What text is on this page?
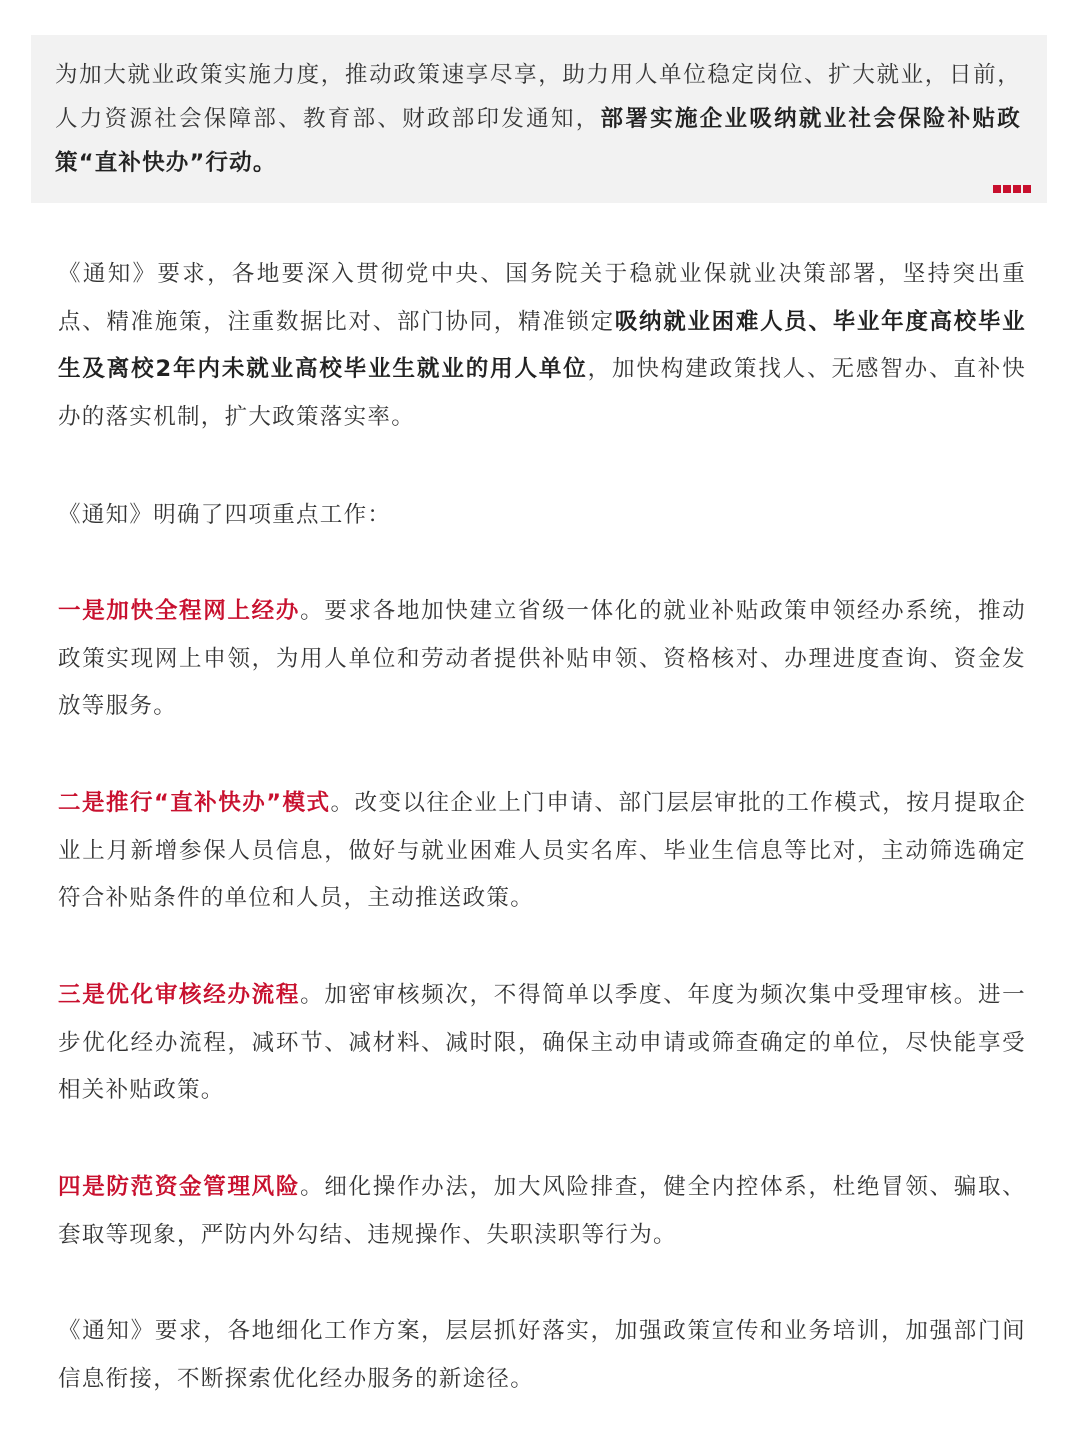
为加大就业政策实施力度，推动政策速享尽享，助力用人单位稳定岗位、扩大就业，日前，人力资源社会保障部、教育部、财政部印发通知，部署实施企业吸纳就业社会保险补贴政策“直补快办”行动。

《通知》要求，各地要深入贯彻党中央、国务院关于稳就业保就业决策部署，坚持突出重点、精准施策，注重数据比对、部门协同，精准锁定吸纳就业困难人员、毕业年度高校毕业生及离校2年内未就业高校毕业生就业的用人单位，加快构建政策找人、无感智办、直补快办的落实机制，扩大政策落实率。

《通知》明确了四项重点工作：

一是加快全程网上经办。要求各地加快建立省级一体化的就业补贴政策申领经办系统，推动政策实现网上申领，为用人单位和劳动者提供补贴申领、资格核对、办理进度查询、资金发放等服务。

二是推行“直补快办”模式。改变以往企业上门申请、部门层层审批的工作模式，按月提取企业上月新增参保人员信息，做好与就业困难人员实名库、毕业生信息等比对，主动筛选确定符合补贴条件的单位和人员，主动推送政策。

三是优化审核经办流程。加密审核频次，不得简单以季度、年度为频次集中受理审核。进一步优化经办流程，减环节、减材料、减时限，确保主动申请或筛查确定的单位，尽快能享受相关补贴政策。

四是防范资金管理风险。细化操作办法，加大风险排查，健全内控体系，杜绝冒领、骗取、套取等现象，严防内外勾结、违规操作、失职渎职等行为。

《通知》要求，各地细化工作方案，层层抓好落实，加强政策宣传和业务培训，加强部门间信息衔接，不断探索优化经办服务的新途径。
